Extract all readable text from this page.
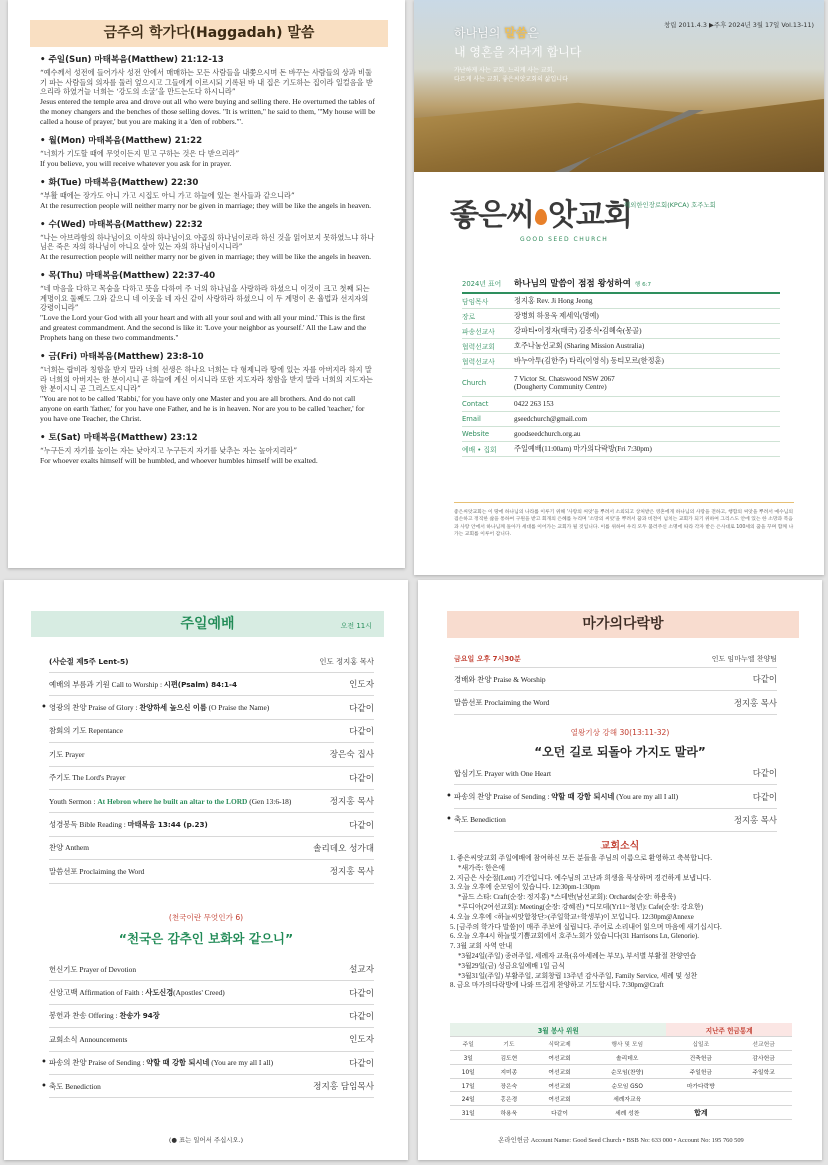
금주의 학가다(Haggadah) 말씀
• 주일(Sun) 마태복음(Matthew) 21:12-13
“예수께서 성전에 들어가사 성전 안에서 매매하는 모든 사람들을 내쫓으시며 돈 바꾸는 사람들의 상과 비둘기 파는 사람들의 의자를 둘러 엎으시고 그들에게 이르시되 기록된 바 내 집은 기도하는 집이라 일컬음을 받으리라 하였거늘 너희는 ‘강도의 소굴’을 만드는도다 하시니라”
Jesus entered the temple area and drove out all who were buying and selling there. He overturned the tables of the money changers and the benches of those selling doves. "It is written," he said to them, "'My house will be called a house of prayer,' but you are making it a 'den of robbers.'".
• 월(Mon) 마태복음(Matthew) 21:22
“너희가 기도할 때에 무엇이든지 믿고 구하는 것은 다 받으리라”
If you believe, you will receive whatever you ask for in prayer.
• 화(Tue) 마태복음(Matthew) 22:30
“부활 때에는 장가도 아니 가고 시집도 아니 가고 하늘에 있는 천사들과 같으니라”
At the resurrection people will neither marry nor be given in marriage; they will be like the angels in heaven.
• 수(Wed) 마태복음(Matthew) 22:32
“나는 아브라함의 하나님이요 이삭의 하나님이요 야곱의 하나님이로라 하신 것을 읽어보지 못하였느냐 하나님은 죽은 자의 하나님이 아니요 살아 있는 자의 하나님이시니라”
At the resurrection people will neither marry nor be given in marriage; they will be like the angels in heaven.
• 목(Thu) 마태복음(Matthew) 22:37-40
“네 마음을 다하고 목숨을 다하고 뜻을 다하여 주 너의 하나님을 사랑하라 하셨으니 이것이 크고 첫째 되는 계명이요 둘째도 그와 같으니 네 이웃을 네 자신 같이 사랑하라 하셨으니 이 두 계명이 온 율법과 선지자의 강령이니라”
"Love the Lord your God with all your heart and with all your soul and with all your mind.' This is the first and greatest commandment. And the second is like it: 'Love your neighbor as yourself.' All the Law and the Prophets hang on these two commandments."
• 금(Fri) 마태복음(Matthew) 23:8-10
“너희는 랍비라 칭함을 받지 말라 너희 선생은 하나요 너희는 다 형제니라 땅에 있는 자를 아버지라 하지 말라 너희의 아버지는 한 분이시니 곧 하늘에 계신 이시니라 또한 지도자라 칭함을 받지 말라 너희의 지도자는 한 분이시니 곧 그리스도시니라”
"You are not to be called 'Rabbi,' for you have only one Master and you are all brothers. And do not call anyone on earth 'father,' for you have one Father, and he is in heaven. Nor are you to be called 'teacher,' for you have one Teacher, the Christ.
• 토(Sat) 마태복음(Matthew) 23:12
“누구든지 자기를 높이는 자는 낮아지고 누구든지 자기를 낮추는 자는 높아지리라”
For whoever exalts himself will be humbled, and whoever humbles himself will be exalted.
창립 2011.4.3 ▶주후 2024년 3월 17일 Vol.13-11)
하나님의 말씀은
내 영혼을 자라게 합니다
가난하게 사는 교회, 느리게 사는 교회,
다르게 사는 교회, 좋은씨앗교회의 삶입니다
좋은씨 앗교회
GOOD SEED CHURCH
해외한인장로회(KPCA) 호주노회
2024년 표어	하나님의 말씀이 점점 왕성하여 행 6:7
담임목사	정지홍 Rev. Ji Hong Jeong
장로	장병희 하용욱 제세익(명예)
파송선교사	강파티•이정자(태국) 김종식•김혜숙(몽골)
협력선교회	호주나눔선교회 (Sharing Mission Australia)
협력선교사	바누아투(김한주) 타리(이영식) 동티모르(한정훈)
Church	7 Victor St. Chatswood NSW 2067
(Dougherty Community Centre)
Contact	0422 263 153
Email	gseedchurch@gmail.com
Website	goodseedchurch.org.au
예배 • 집회	주일예배(11:00am) 마가의다락방(Fri 7:30pm)
좋은씨앗교회는 이 땅에 하나님의 나라를 이루기 위해 '사랑의 씨앗'을 뿌려서 소외되고 상처받은 영혼에게 하나님의 사랑을 전하고, 행함의 씨앗을 뿌려서 예수님의 겸손하고 정직한 삶을 통하여 구원을 받고 회개의 은혜를 누리며 '소망의 씨앗'을 뿌려서 꿈과 비전이 넘치는 교회가 되기 위하여 그리스도 안에 있는 한 소망과 복음과 사랑 안에서 하나님께 돌아가 세대를 이어가는 교회가 될 것입니다. 이를 위하여 우리 모두 불러주신 소명에 따라 각자 받은 은사대로 100세의 꿈을 꾸며 함께 나가는 교회를 이루어 갑니다.
주일예배	오전 11시
(사순절 제5주 Lent-5)	인도 정지홍 목사
예배의 부름과 기원 Call to Worship : 시편(Psalm) 84:1-4	인도자
• 영광의 찬양 Praise of Glory : 찬양하세 높으신 이름 (O Praise the Name)	다같이
참회의 기도 Repentance	다같이
기도 Prayer	장은숙 집사
주기도 The Lord's Prayer	다같이
Youth Sermon : At Hebron where he built an altar to the LORD (Gen 13:6-18)	정지홍 목사
성경봉독 Bible Reading : 마태복음 13:44 (p.23)	다같이
찬양 Anthem	솔리데오 성가대
말씀선포 Proclaiming the Word	정지홍 목사
(천국이란 무엇인가 6)
“천국은 감추인 보화와 같으니”
헌신기도 Prayer of Devotion	설교자
신앙고백 Affirmation of Faith : 사도신경(Apostles' Creed)	다같이
봉헌과 찬송 Offering : 찬송가 94장	다같이
교회소식 Announcements	인도자
• 파송의 찬양 Praise of Sending : 약할 때 강함 되시네 (You are my all I all)	다같이
• 축도 Benediction	정지홍 담임목사
(● 표는 일어서 주십시오.)
마가의다락방
금요일 오후 7시30분	인도 임마누엘 찬양팀
경배와 찬양 Praise & Worship	다같이
말씀선포 Proclaiming the Word	정지홍 목사
열왕기상 강해 30(13:11-32)
“오던 길로 되돌아 가지도 말라”
합심기도 Prayer with One Heart	다같이
• 파송의 찬양 Praise of Sending : 약할 때 강함 되시네 (You are my all I all)	다같이
• 축도 Benediction	정지홍 목사
교회소식
1. 좋은씨앗교회 주일예배에 참여하신 모든 분들을 주님의 이름으로 환영하고 축복합니다.
*새가족: 한은애
2. 지금은 사순절(Lent) 기간입니다. 예수님의 고난과 희생을 묵상하며 경건하게 보냅니다.
3. 오늘 오후에 순모임이 있습니다. 12:30pm-1:30pm
*골드 스타: Craft(순장: 정지홍) *스데반(남선교회): Orchards(순장: 하용욱)
*루디아(2여선교회): Meeting(순장: 강혜진) *디모데(Yr11~청년): Cafe(순장: 강요한)
4. 오늘 오후에 <하늘씨앗합창단>(주일학교+학생부)이 모입니다. 12:30pm@Annexe
5. [금주의 학가다 말씀]이 매주 주보에 실립니다. 주어로 소리내어 읽으며 마음에 새기십시다.
6. 오늘 오후4시 하늘빛기쁨교회에서 호주노회가 있습니다(31 Harrisons Ln, Glenorie).
7. 3월 교회 사역 안내
*3월24일(주일) 종려주일, 세례자 교육(유아세례는 부모), 부서별 부활절 찬양연습
*3월29일(금) 성금요일예배 1일 금식
*3월31일(주일) 부활주일, 교회창립 13주년 감사주일, Family Service, 세례 및 성찬
8. 금요 마가의다락방에 나와 뜨겁게 찬양하고 기도합시다. 7:30pm@Craft
3월 봉사 위원				지난주 헌금통계	
주일	기도	식탁교제	행사 및 모임	십일조	선교헌금
3일	김도현	여선교회	솔리데오	건축헌금	감사헌금
10일	지미종	여선교회	순모임(찬양)	주일헌금	주일학교
17일	장은숙	여선교회	순모임 GSO	마가다락방	
24일	홍은경	여선교회	세례자교육		
31일	하용욱	다같이	세례 성찬	합계	
온라인헌금 Account Name: Good Seed Church • BSB No: 633 000 • Account No: 195 760 509
